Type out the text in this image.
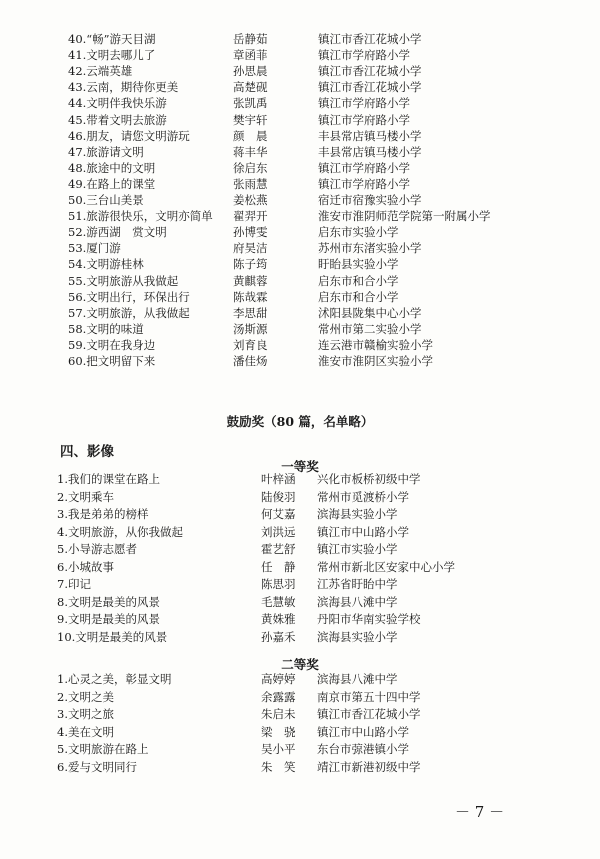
40.“畅”游天目湖	岳静茹	镇江市香江花城小学
41.文明去哪儿了	章函菲	镇江市学府路小学
42.云端英雄	孙思晨	镇江市香江花城小学
43.云南，期待你更美	高楚砚	镇江市香江花城小学
44.文明伴我快乐游	张凯禹	镇江市学府路小学
45.带着文明去旅游	樊宇轩	镇江市学府路小学
46.朋友，请您文明游玩	颜　晨	丰县常店镇马楼小学
47.旅游请文明	蒋丰华	丰县常店镇马楼小学
48.旅途中的文明	徐启东	镇江市学府路小学
49.在路上的课堂	张雨慧	镇江市学府路小学
50.三台山美景	姜松燕	宿迁市宿豫实验小学
51.旅游很快乐，文明亦简单 翟羿开	淮安市淮阴师范学院第一附属小学
52.游西湖　赏文明	孙博雯	启东市实验小学
53.厦门游	府昊洁	苏州市东渚实验小学
54.文明游桂林	陈子筠	盱眙县实验小学
55.文明旅游从我做起	黄麒蓉	启东市和合小学
56.文明出行，环保出行	陈哉霖	启东市和合小学
57.文明旅游，从我做起	李思甜	沭阳县陇集中心小学
58.文明的味道	汤斯源	常州市第二实验小学
59.文明在我身边	刘育良	连云港市赣榆实验小学
60.把文明留下来	潘佳炀	淮安市淮阴区实验小学
鼓励奖（80 篇，名单略）
四、影像
一等奖
1.我们的课堂在路上	叶梓涵 兴化市板桥初级中学
2.文明乘车	陆俊羽 常州市觅渡桥小学
3.我是弟弟的榜样	何艾嘉 滨海县实验小学
4.文明旅游，从你我做起	刘洪远 镇江市中山路小学
5.小导游志愿者	霍艺舒 镇江市实验小学
6.小城故事	任　静 常州市新北区安家中心小学
7.印记	陈思羽 江苏省盱眙中学
8.文明是最美的风景	毛慧敏 滨海县八滩中学
9.文明是最美的风景	黄姝雅 丹阳市华南实验学校
10.文明是最美的风景	孙嘉禾 滨海县实验小学
二等奖
1.心灵之美，彰显文明	高婷婷 滨海县八滩中学
2.文明之美	余露露 南京市第五十四中学
3.文明之旅	朱启未 镇江市香江花城小学
4.美在文明	梁　骁 镇江市中山路小学
5.文明旅游在路上	吴小平 东台市弶港镇小学
6.爱与文明同行	朱　笑 靖江市新港初级中学
－ 7 －
